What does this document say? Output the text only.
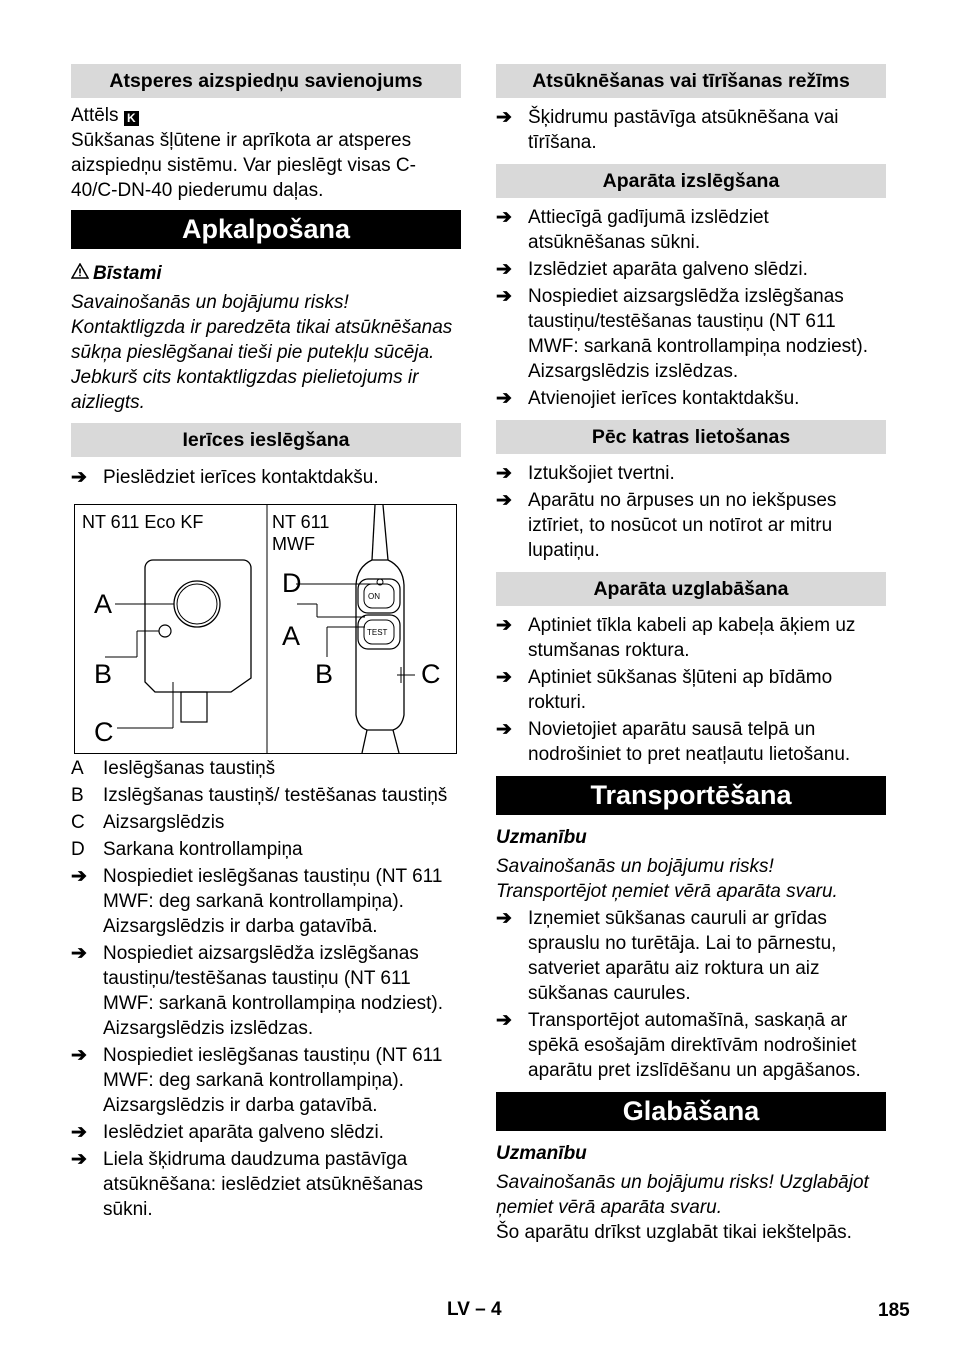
Atsperes aizspiedņu savienojums

Attēls K

Sūkšanas šļūtene ir aprīkota ar atsperes aizspiedņu sistēmu. Var pieslēgt visas C-40/C-DN-40 piederumu daļas.

Apkalpošana

Bīstami

Savainošanās un bojājumu risks! Kontaktligzda ir paredzēta tikai atsūknēšanas sūkņa pieslēgšanai tieši pie putekļu sūcēja. Jebkurš cits kontaktligzdas pielietojums ir aizliegts.

Ierīces ieslēgšana
➔ Pieslēdziet ierīces kontaktdakšu.
NT 611 Eco KF	NT 611
MWF
ON
TEST
A
B
C
D
A
B	C
A Ieslēgšanas taustiņš
B Izslēgšanas taustiņš/ testēšanas taustiņš
C Aizsargslēdzis
D Sarkana kontrollampiņa
➔ Nospiediet ieslēgšanas taustiņu (NT 611 MWF: deg sarkanā kontrollampiņa). Aizsargslēdzis ir darba gatavībā.
➔ Nospiediet aizsargslēdža izslēgšanas taustiņu/testēšanas taustiņu (NT 611 MWF: sarkanā kontrollampiņa nodziest). Aizsargslēdzis izslēdzas.
➔ Nospiediet ieslēgšanas taustiņu (NT 611 MWF: deg sarkanā kontrollampiņa). Aizsargslēdzis ir darba gatavībā.
➔ Ieslēdziet aparāta galveno slēdzi.
➔ Liela šķidruma daudzuma pastāvīga atsūknēšana: ieslēdziet atsūknēšanas sūkni.
Atsūknēšanas vai tīrīšanas režīms
➔ Šķidrumu pastāvīga atsūknēšana vai tīrīšana.
Aparāta izslēgšana
➔ Attiecīgā gadījumā izslēdziet atsūknēšanas sūkni.
➔ Izslēdziet aparāta galveno slēdzi.
➔ Nospiediet aizsargslēdža izslēgšanas taustiņu/testēšanas taustiņu (NT 611 MWF: sarkanā kontrollampiņa nodziest). Aizsargslēdzis izslēdzas.
➔ Atvienojiet ierīces kontaktdakšu.
Pēc katras lietošanas
➔ Iztukšojiet tvertni.
➔ Aparātu no ārpuses un no iekšpuses iztīriet, to nosūcot un notīrot ar mitru lupatiņu.
Aparāta uzglabāšana
➔ Aptiniet tīkla kabeli ap kabeļa āķiem uz stumšanas roktura.
➔ Aptiniet sūkšanas šļūteni ap bīdāmo rokturi.
➔ Novietojiet aparātu sausā telpā un nodrošiniet to pret neatļautu lietošanu.
Transportēšana

Uzmanību

Savainošanās un bojājumu risks! Transportējot ņemiet vērā aparāta svaru.

➔ Izņemiet sūkšanas cauruli ar grīdas sprauslu no turētāja. Lai to pārnestu, satveriet aparātu aiz roktura un aiz sūkšanas caurules.
➔ Transportējot automašīnā, saskaņā ar spēkā esošajām direktīvām nodrošiniet aparātu pret izslīdēšanu un apgāšanos.
Glabāšana

Uzmanību

Savainošanās un bojājumu risks! Uzglabājot ņemiet vērā aparāta svaru.

Šo aparātu drīkst uzglabāt tikai iekštelpās.

LV – 4	185
